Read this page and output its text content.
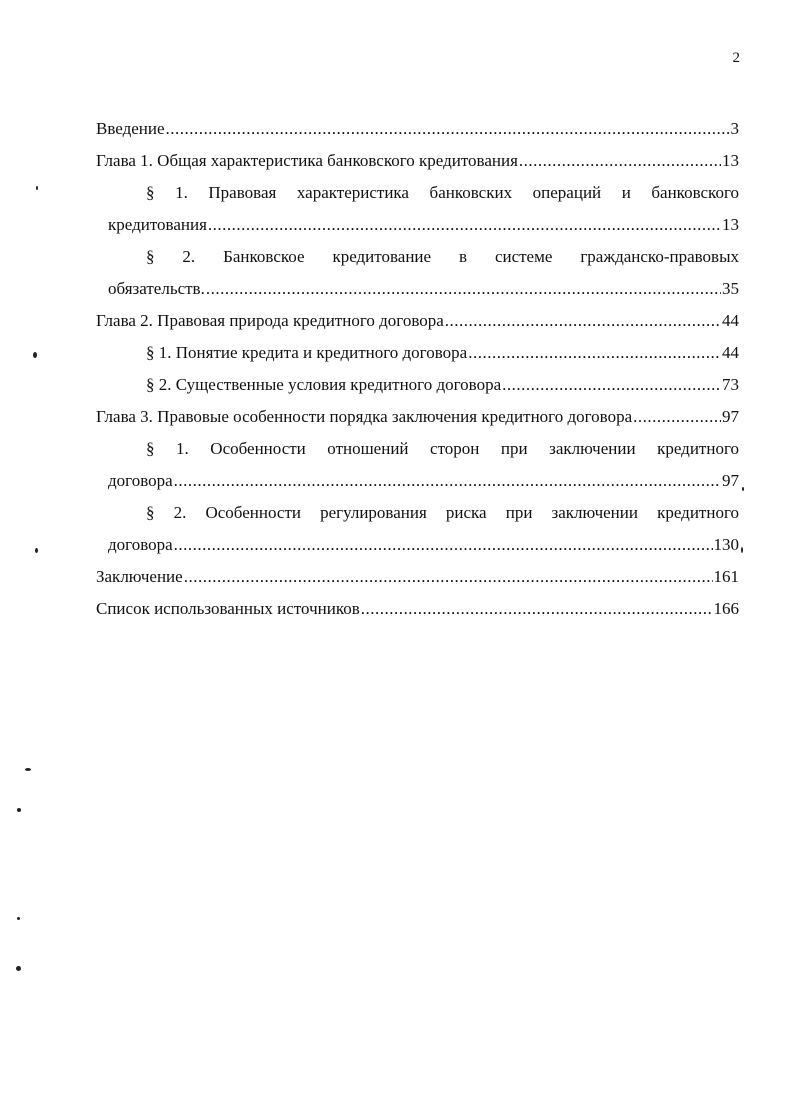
2
Введение .....	3
Глава 1. Общая характеристика банковского кредитования .....	13
§ 1. Правовая характеристика банковских операций и банковского
кредитования .....	13
§ 2. Банковское кредитование в системе гражданско-правовых
обязательств. .....	35
Глава 2. Правовая природа кредитного договора .....	44
§ 1. Понятие кредита и кредитного договора .....	44
§ 2. Существенные условия кредитного договора .....	73
Глава 3. Правовые особенности порядка заключения кредитного договора .....	97
§ 1. Особенности отношений сторон при заключении кредитного
договора .....	97
§ 2. Особенности регулирования риска при заключении кредитного
договора .....	130
Заключение .....	161
Список использованных источников .....	166
